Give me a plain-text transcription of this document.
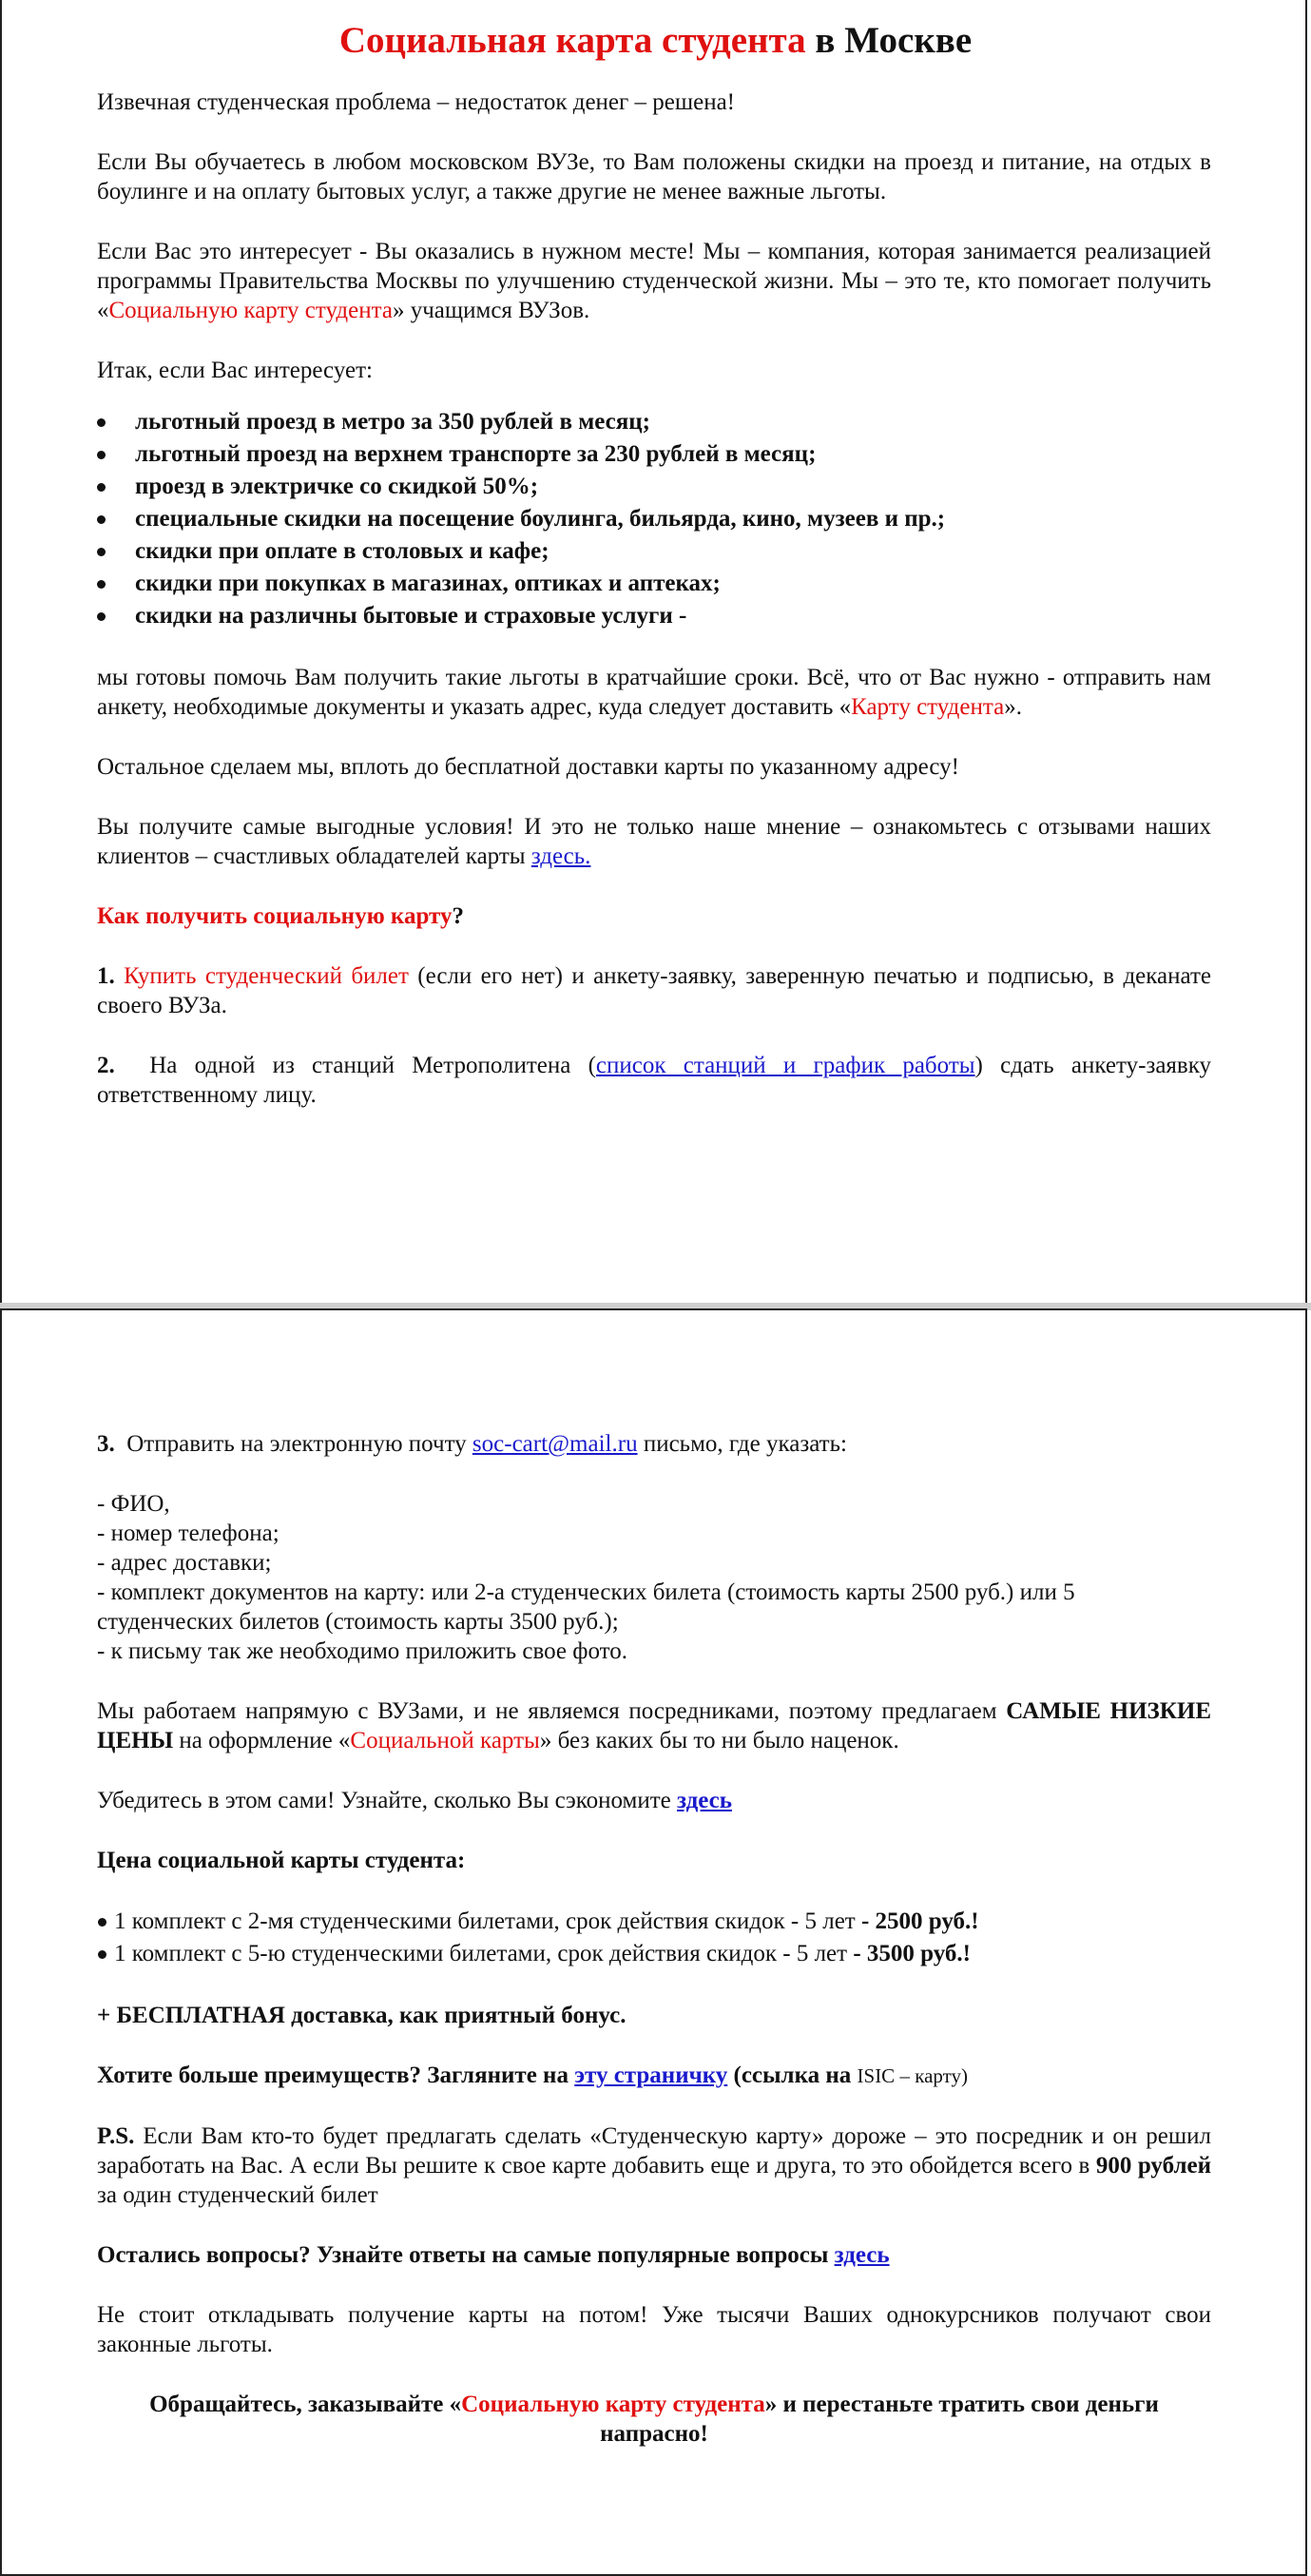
Социальная карта студента в Москве

Извечная студенческая проблема – недостаток денег – решена!

Если Вы обучаетесь в любом московском ВУЗе, то Вам положены скидки на проезд и питание, на отдых в боулинге и на оплату бытовых услуг, а также другие не менее важные льготы.

Если Вас это интересует - Вы оказались в нужном месте! Мы – компания, которая занимается реализацией программы Правительства Москвы по улучшению студенческой жизни. Мы – это те, кто помогает получить «Социальную карту студента» учащимся ВУЗов.

Итак, если Вас интересует:

льготный проезд в метро за 350 рублей в месяц;
льготный проезд на верхнем транспорте за 230 рублей в месяц;
проезд в электричке со скидкой 50%;
специальные скидки на посещение боулинга, бильярда, кино, музеев и пр.;
скидки при оплате в столовых и кафе;
скидки при покупках в магазинах, оптиках и аптеках;
скидки на различны бытовые и страховые услуги -

мы готовы помочь Вам получить такие льготы в кратчайшие сроки. Всё, что от Вас нужно - отправить нам анкету, необходимые документы и указать адрес, куда следует доставить «Карту студента».

Остальное сделаем мы, вплоть до бесплатной доставки карты по указанному адресу!

Вы получите самые выгодные условия! И это не только наше мнение – ознакомьтесь с отзывами наших клиентов – счастливых обладателей карты здесь.

Как получить социальную карту?

1. Купить студенческий билет (если его нет) и анкету-заявку, заверенную печатью и подписью, в деканате своего ВУЗа.

2.  На одной из станций Метрополитена (список станций и график работы) сдать анкету-заявку ответственному лицу.

3.  Отправить на электронную почту soc-cart@mail.ru письмо, где указать:

- ФИО,
- номер телефона;
- адрес доставки;
- комплект документов на карту: или 2-а студенческих билета (стоимость карты 2500 руб.) или 5 студенческих билетов (стоимость карты 3500 руб.);
- к письму так же необходимо приложить свое фото.

Мы работаем напрямую с ВУЗами, и не являемся посредниками, поэтому предлагаем САМЫЕ НИЗКИЕ ЦЕНЫ на оформление «Социальной карты» без каких бы то ни было наценок.

Убедитесь в этом сами! Узнайте, сколько Вы сэкономите здесь

Цена социальной карты студента:

1 комплект с 2-мя студенческими билетами, срок действия скидок - 5 лет - 2500 руб.!
1 комплект с 5-ю студенческими билетами, срок действия скидок - 5 лет - 3500 руб.!

+ БЕСПЛАТНАЯ доставка, как приятный бонус.

Хотите больше преимуществ? Загляните на эту страничку (ссылка на ISIC – карту)

P.S. Если Вам кто-то будет предлагать сделать «Студенческую карту» дороже – это посредник и он решил заработать на Вас. А если Вы решите к свое карте добавить еще и друга, то это обойдется всего в 900 рублей за один студенческий билет

Остались вопросы? Узнайте ответы на самые популярные вопросы здесь

Не стоит откладывать получение карты на потом! Уже тысячи Ваших однокурсников получают свои законные льготы.

Обращайтесь, заказывайте «Социальную карту студента» и перестаньте тратить свои деньги напрасно!
